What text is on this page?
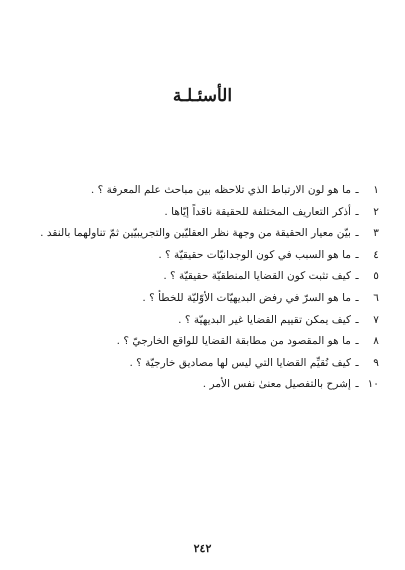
الأسئـلـة
١
ـ
ما هو لون الارتباط الذي تلاحظه بين مباحث علم المعرفة ؟ .
٢
ـ
أذكر التعاريف المختلفة للحقيقة ناقداً إيّاها .
٣
ـ
بيّن معيار الحقيقة من وجهة نظر العقليّين والتجريبيّين ثمّ تناولهما بالنقد .
٤
ـ
ما هو السبب في كون الوجدانيّات حقيقيّة ؟ .
٥
ـ
كيف تثبت كون القضايا المنطقيّة حقيقيّة ؟ .
٦
ـ
ما هو السرّ في رفض البديهيّات الأوّليّة للخطأ ؟ .
٧
ـ
كيف يمكن تقييم القضايا غير البديهيّة ؟ .
٨
ـ
ما هو المقصود من مطابقة القضايا للواقع الخارجيّ ؟ .
٩
ـ
كيف نُقيِّم القضايا التي ليس لها مصاديق خارجيّة ؟ .
١٠
ـ
إشرح بالتفصيل معنىٰ نفس الأمر .
٢٤٢
